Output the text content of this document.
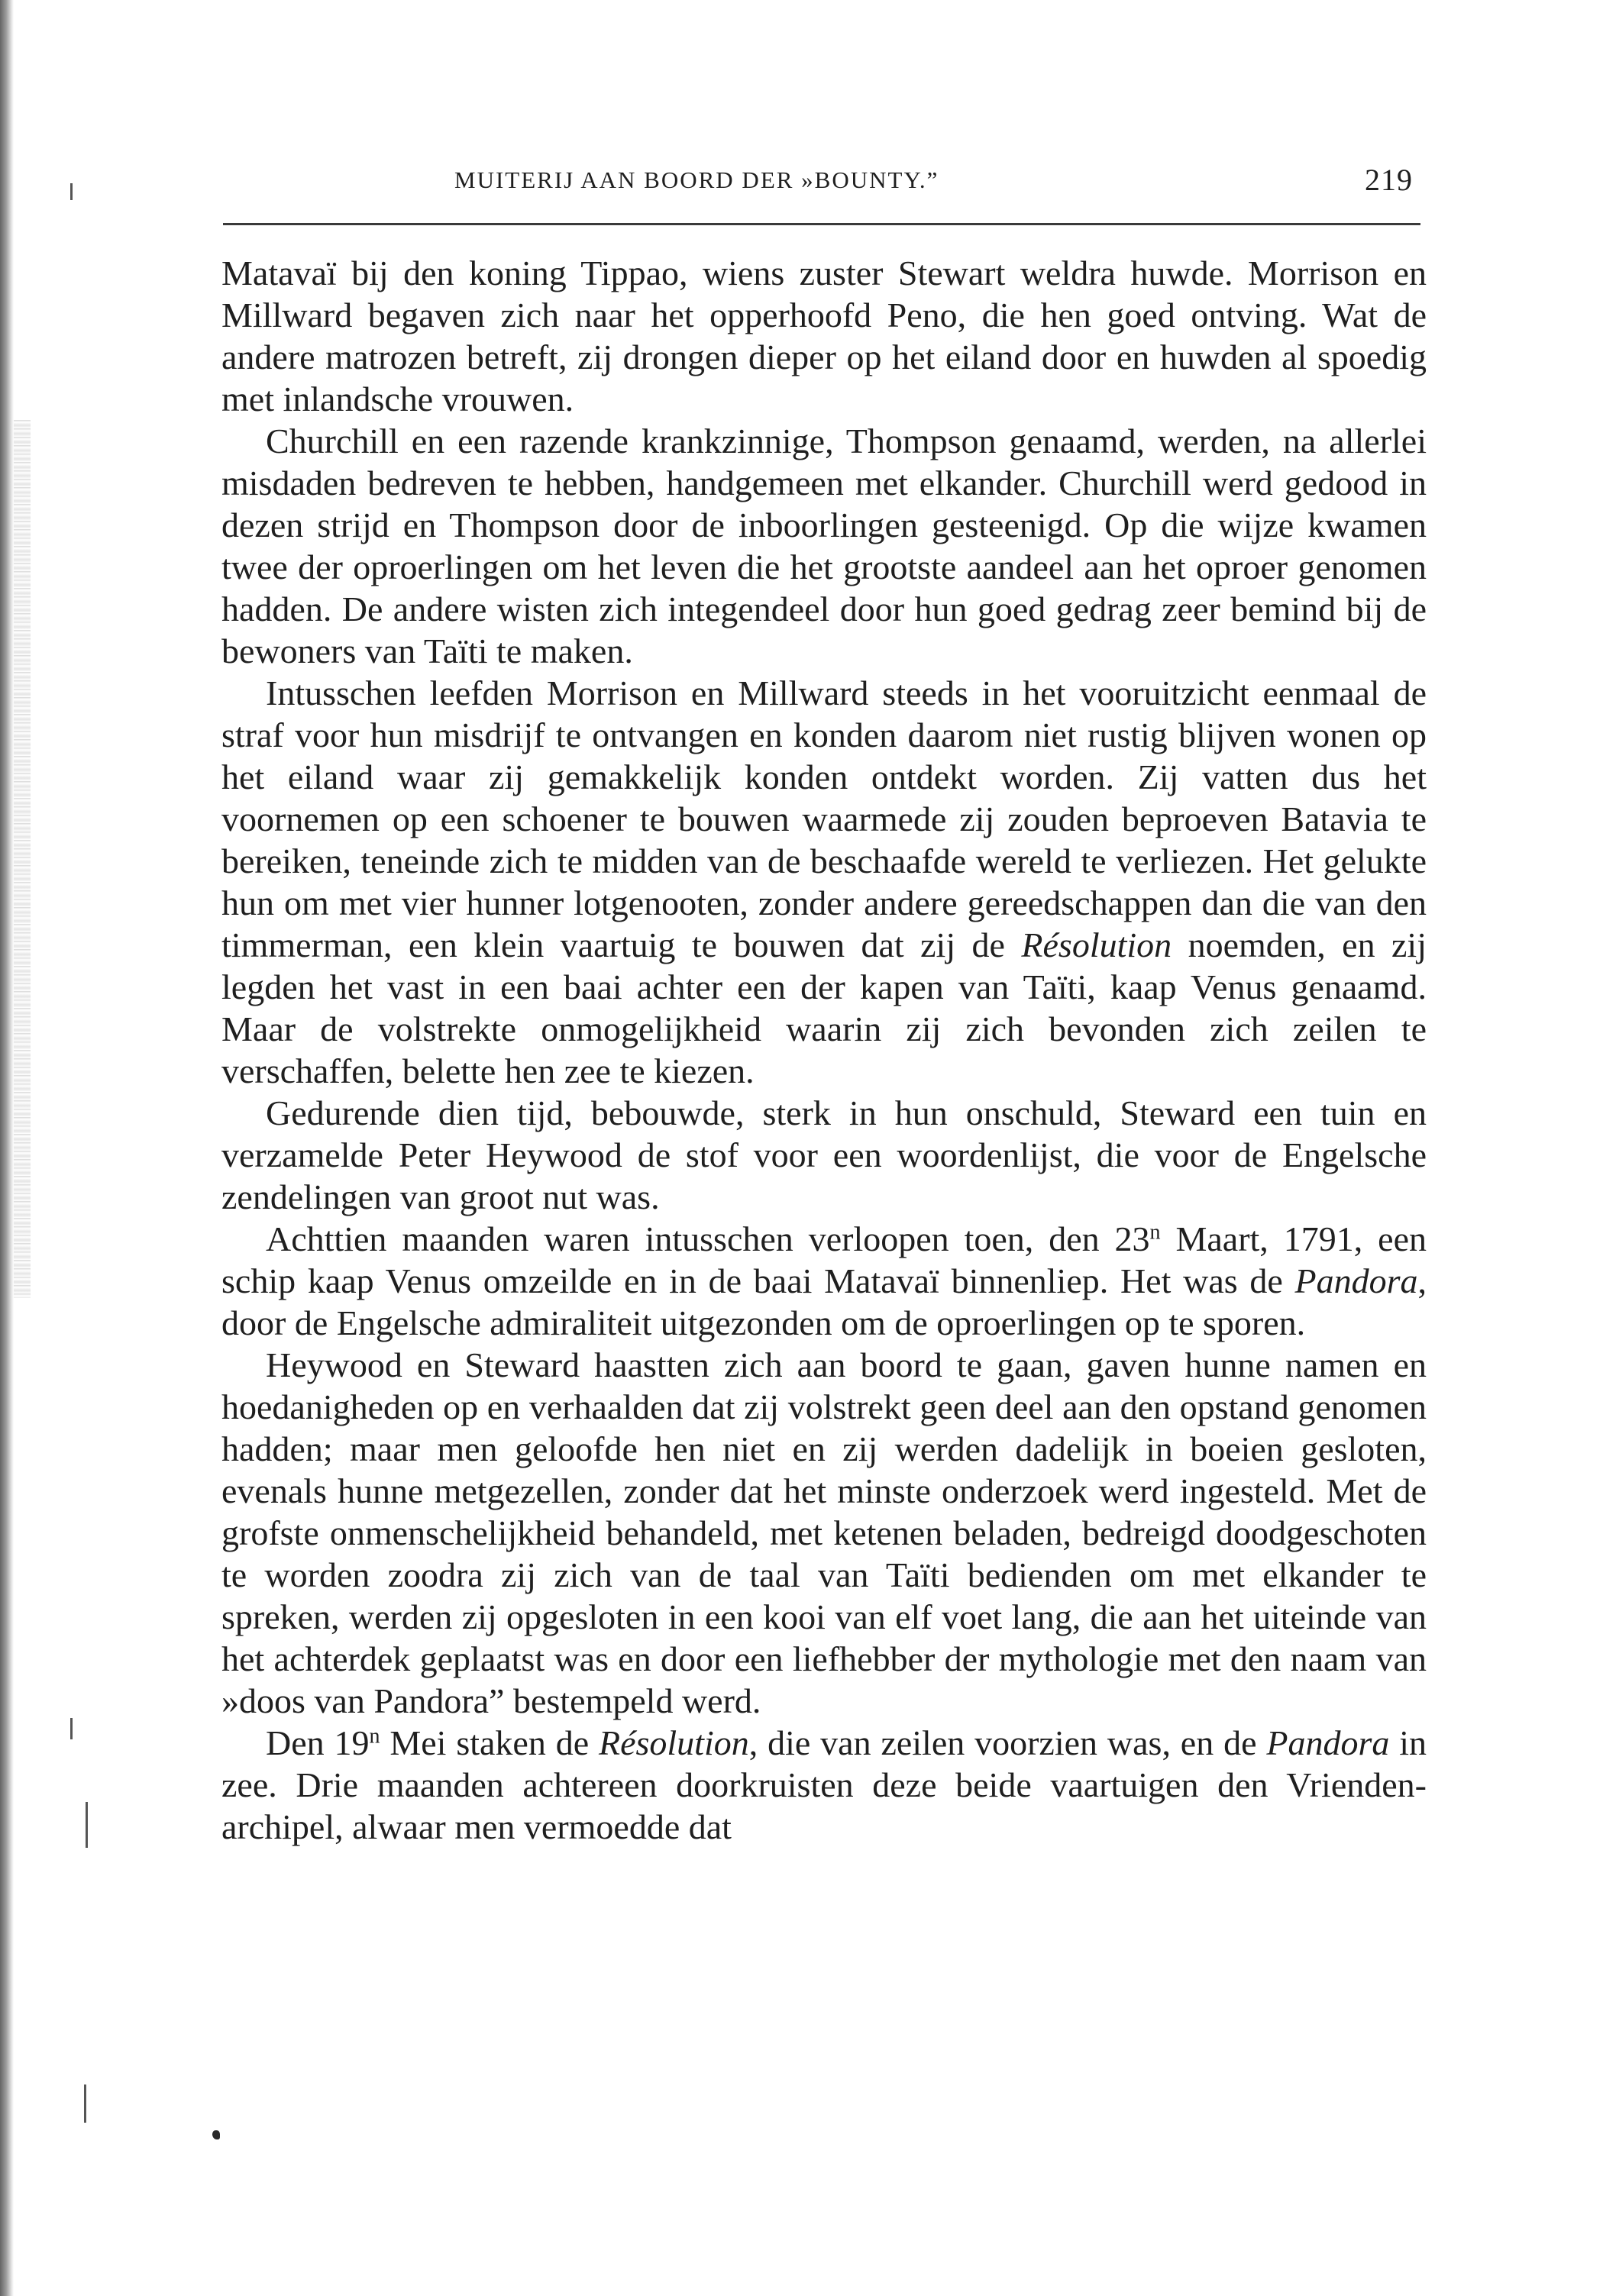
MUITERIJ AAN BOORD DER »BOUNTY.”	219

Matavaï bij den koning Tippao, wiens zuster Stewart weldra huwde. Morrison en Millward begaven zich naar het opperhoofd Peno, die hen goed ontving. Wat de andere matrozen betreft, zij drongen dieper op het eiland door en huwden al spoedig met inlandsche vrouwen.

Churchill en een razende krankzinnige, Thompson genaamd, werden, na allerlei misdaden bedreven te hebben, handgemeen met elkander. Churchill werd gedood in dezen strijd en Thompson door de inboorlingen gesteenigd. Op die wijze kwamen twee der oproerlingen om het leven die het grootste aandeel aan het oproer genomen hadden. De andere wisten zich integendeel door hun goed gedrag zeer bemind bij de bewoners van Taïti te maken.

Intusschen leefden Morrison en Millward steeds in het vooruitzicht eenmaal de straf voor hun misdrijf te ontvangen en konden daarom niet rustig blijven wonen op het eiland waar zij gemakkelijk konden ontdekt worden. Zij vatten dus het voornemen op een schoener te bouwen waarmede zij zouden beproeven Batavia te bereiken, teneinde zich te midden van de beschaafde wereld te verliezen. Het gelukte hun om met vier hunner lotgenooten, zonder andere gereedschappen dan die van den timmerman, een klein vaartuig te bouwen dat zij de Résolution noemden, en zij legden het vast in een baai achter een der kapen van Taïti, kaap Venus genaamd. Maar de volstrekte onmogelijkheid waarin zij zich bevonden zich zeilen te verschaffen, belette hen zee te kiezen.

Gedurende dien tijd, bebouwde, sterk in hun onschuld, Steward een tuin en verzamelde Peter Heywood de stof voor een woordenlijst, die voor de Engelsche zendelingen van groot nut was.

Achttien maanden waren intusschen verloopen toen, den 23$^n$ Maart, 1791, een schip kaap Venus omzeilde en in de baai Matavaï binnenliep. Het was de Pandora, door de Engelsche admiraliteit uitgezonden om de oproerlingen op te sporen.

Heywood en Steward haastten zich aan boord te gaan, gaven hunne namen en hoedanigheden op en verhaalden dat zij volstrekt geen deel aan den opstand genomen hadden; maar men geloofde hen niet en zij werden dadelijk in boeien gesloten, evenals hunne metgezellen, zonder dat het minste onderzoek werd ingesteld. Met de grofste onmenschelijkheid behandeld, met ketenen beladen, bedreigd doodgeschoten te worden zoodra zij zich van de taal van Taïti bedienden om met elkander te spreken, werden zij opgesloten in een kooi van elf voet lang, die aan het uiteinde van het achterdek geplaatst was en door een liefhebber der mythologie met den naam van »doos van Pandora” bestempeld werd.

Den 19$^n$ Mei staken de Résolution, die van zeilen voorzien was, en de Pandora in zee. Drie maanden achtereen doorkruisten deze beide vaartuigen den Vrienden-archipel, alwaar men vermoedde dat
